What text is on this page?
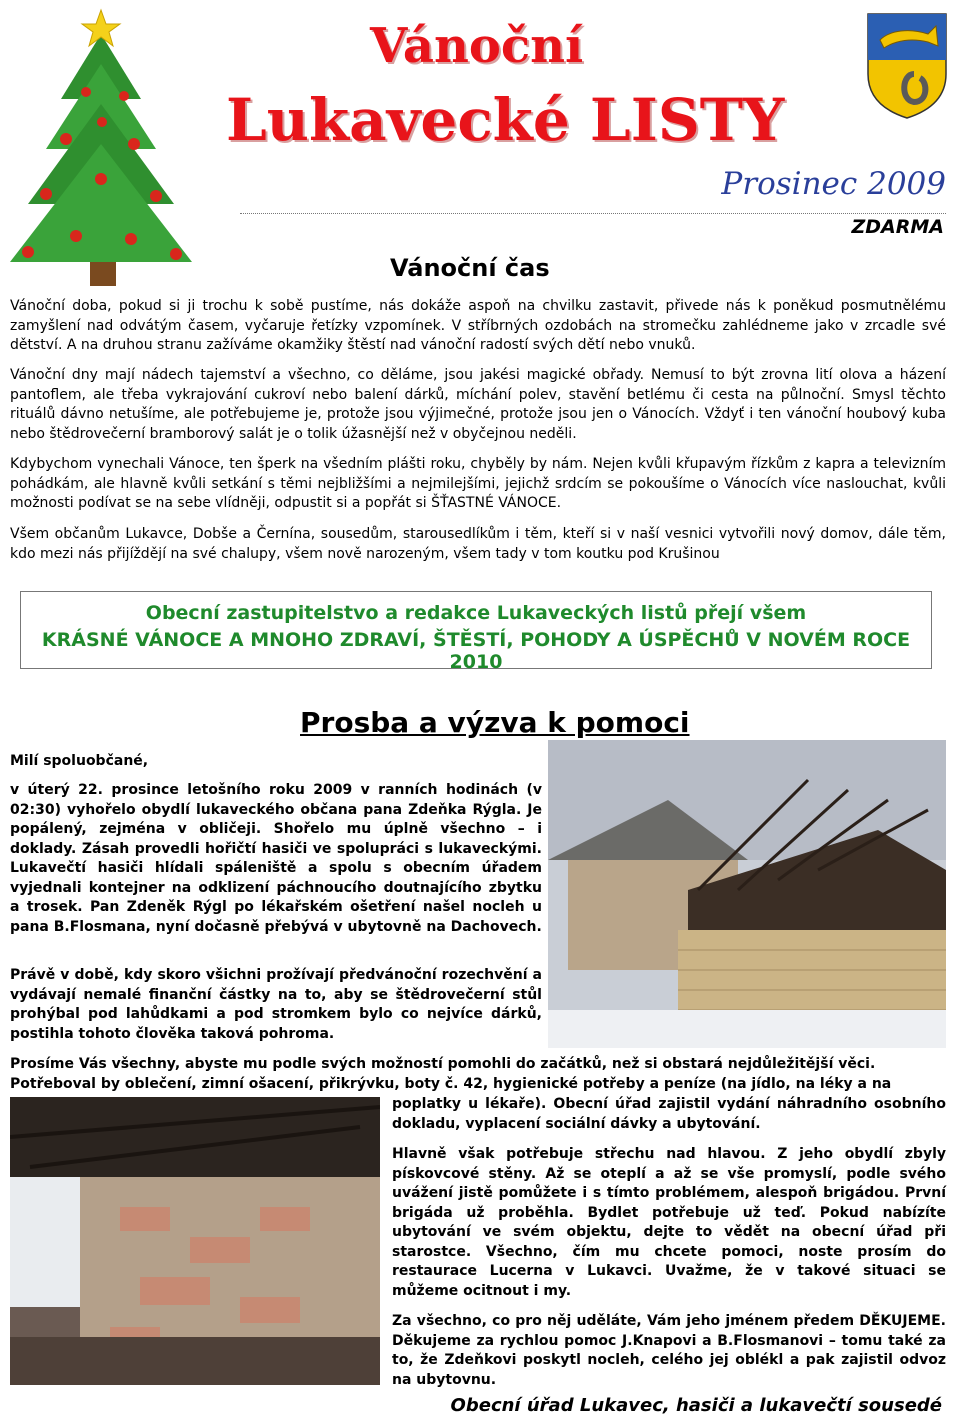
Vánoční
Lukavecké LISTY
Prosinec 2009
ZDARMA
Vánoční čas

Vánoční doba, pokud si ji trochu k sobě pustíme, nás dokáže aspoň na chvilku zastavit, přivede nás k poněkud posmutnělému zamyšlení nad odvátým časem, vyčaruje řetízky vzpomínek. V stříbrných ozdobách na stromečku zahlédneme jako v zrcadle své dětství. A na druhou stranu zažíváme okamžiky štěstí nad vánoční radostí svých dětí nebo vnuků.

Vánoční dny mají nádech tajemství a všechno, co děláme, jsou jakési magické obřady. Nemusí to být zrovna lití olova a házení pantoflem, ale třeba vykrajování cukroví nebo balení dárků, míchání polev, stavění betlému či cesta na půlnoční. Smysl těchto rituálů dávno netušíme, ale potřebujeme je, protože jsou výjimečné, protože jsou jen o Vánocích. Vždyť i ten vánoční houbový kuba nebo štědrovečerní bramborový salát je o tolik úžasnější než v obyčejnou neděli.

Kdybychom vynechali Vánoce, ten šperk na všedním plášti roku, chyběly by nám. Nejen kvůli křupavým řízkům z kapra a televizním pohádkám, ale hlavně kvůli setkání s těmi nejbližšími a nejmilejšími, jejichž srdcím se pokoušíme o Vánocích více naslouchat, kvůli možnosti podívat se na sebe vlídněji, odpustit si a popřát si ŠŤASTNÉ VÁNOCE.

Všem občanům Lukavce, Dobše a Černína, sousedům, starousedlíkům i těm, kteří si v naší vesnici vytvořili nový domov, dále těm, kdo mezi nás přijíždějí na své chalupy, všem nově narozeným, všem tady v tom koutku pod Krušinou

Obecní zastupitelstvo a redakce Lukaveckých listů přejí všem
KRÁSNÉ VÁNOCE A MNOHO ZDRAVÍ, ŠTĚSTÍ, POHODY A ÚSPĚCHŮ V NOVÉM ROCE 2010
Prosba a výzva k pomoci
Milí spoluobčané,

v úterý 22. prosince letošního roku 2009 v ranních hodinách (v 02:30) vyhořelo obydlí lukaveckého občana pana Zdeňka Rýgla. Je popálený, zejména v obličeji. Shořelo mu úplně všechno – i doklady. Zásah provedli hořičtí hasiči ve spolupráci s lukaveckými. Lukavečtí hasiči hlídali spáleniště a spolu s obecním úřadem vyjednali kontejner na odklizení páchnoucího doutnajícího zbytku a trosek. Pan Zdeněk Rýgl po lékařském ošetření našel nocleh u pana B.Flosmana, nyní dočasně přebývá v ubytovně na Dachovech.

Právě v době, kdy skoro všichni prožívají předvánoční rozechvění a vydávají nemalé finanční částky na to, aby se štědrovečerní stůl prohýbal pod lahůdkami a pod stromkem bylo co nejvíce dárků, postihla tohoto člověka taková pohroma.

Prosíme Vás všechny, abyste mu podle svých možností pomohli do začátků, než si obstará nejdůležitější věci.

Potřeboval by oblečení, zimní ošacení, přikrývku, boty č. 42, hygienické potřeby a peníze (na jídlo, na léky a na

poplatky u lékaře). Obecní úřad zajistil vydání náhradního osobního dokladu, vyplacení sociální dávky a ubytování.

Hlavně však potřebuje střechu nad hlavou. Z jeho obydlí zbyly pískovcové stěny. Až se oteplí a až se vše promyslí, podle svého uvážení jistě pomůžete i s tímto problémem, alespoň brigádou. První brigáda už proběhla. Bydlet potřebuje už teď. Pokud nabízíte ubytování ve svém objektu, dejte to vědět na obecní úřad při starostce. Všechno, čím mu chcete pomoci, noste prosím do restaurace Lucerna v Lukavci. Uvažme, že v takové situaci se můžeme ocitnout i my.

Za všechno, co pro něj uděláte, Vám jeho jménem předem DĚKUJEME. Děkujeme za rychlou pomoc J.Knapovi a B.Flosmanovi – tomu také za to, že Zdeňkovi poskytl nocleh, celého jej oblékl a pak zajistil odvoz na ubytovnu.

Obecní úřad Lukavec, hasiči a lukavečtí sousedé
